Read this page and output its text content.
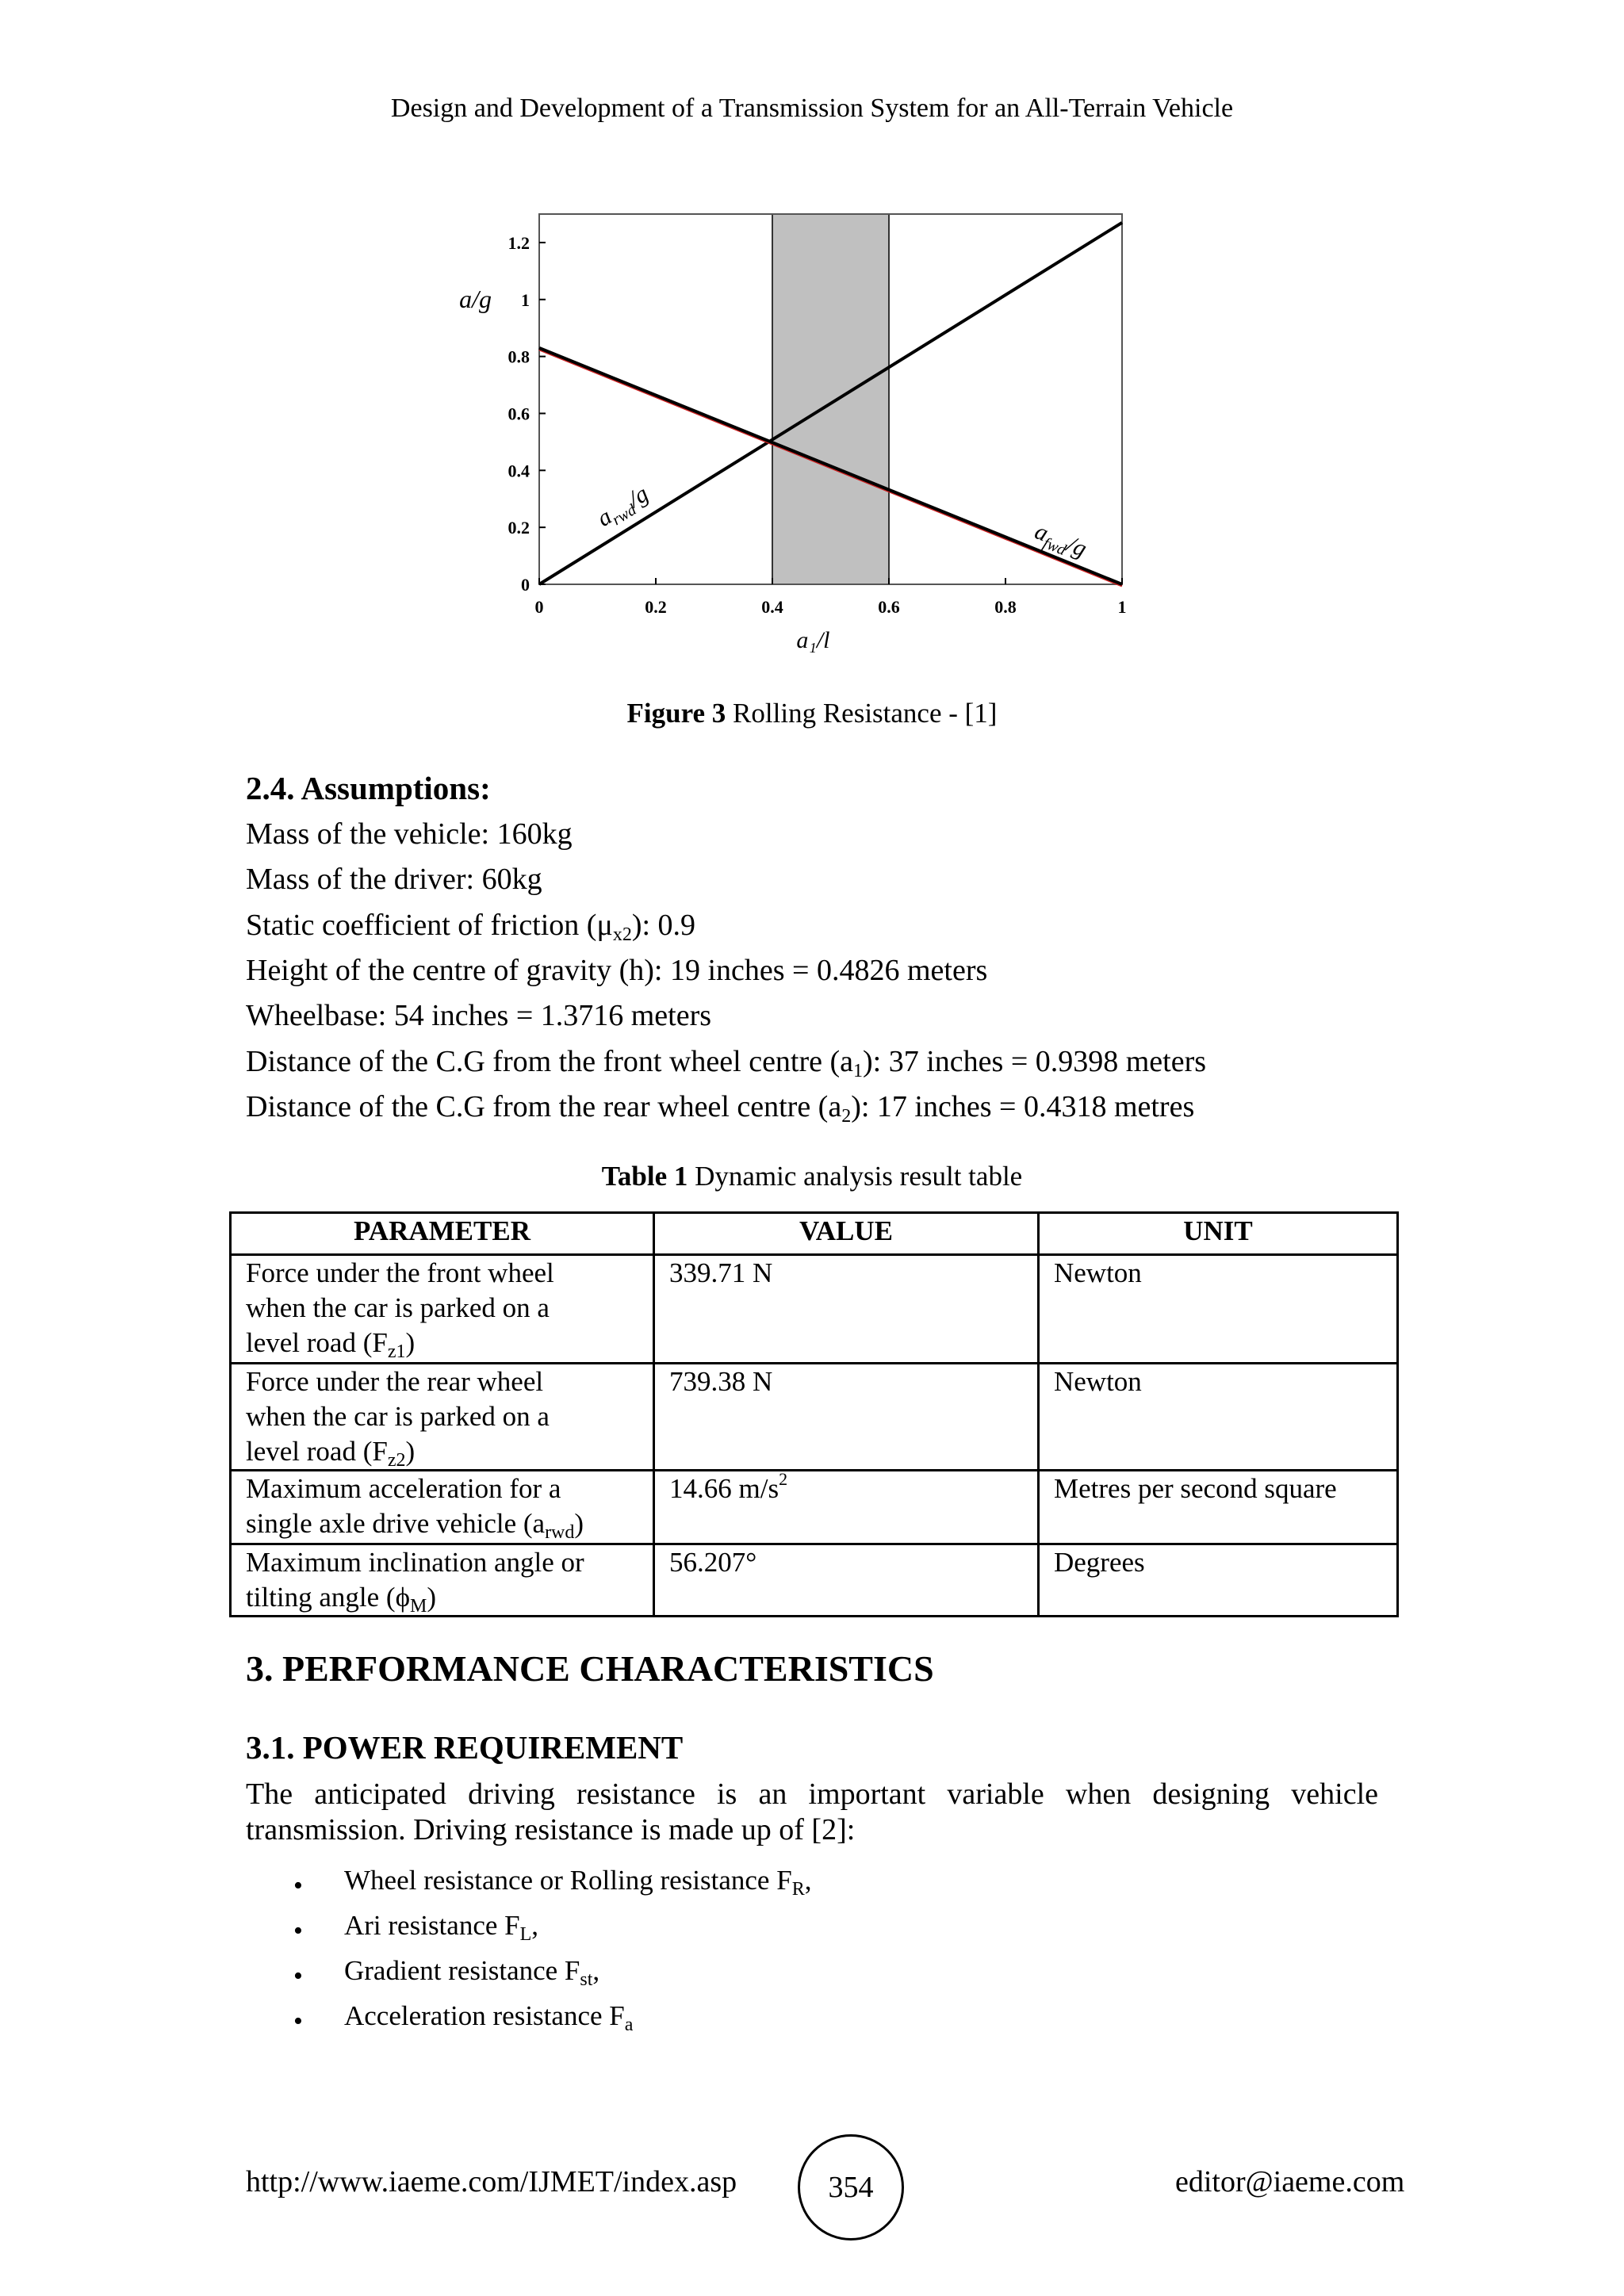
Design and Development of a Transmission System for an All-Terrain Vehicle
0	0.2	0.4	0.6	0.8	1
0
0.2
0.4
0.6
0.8
1
1.2
$a_{rwd}/g$
$a_{fwd}/g$
a₁/l
a/g
Figure 3 Rolling Resistance - [1]
2.4. Assumptions:
Mass of the vehicle: 160kg
Mass of the driver: 60kg
Static coefficient of friction $(\mu_{x2})$: 0.9
Height of the centre of gravity (h): 19 inches = 0.4826 meters
Wheelbase: 54 inches = 1.3716 meters
Distance of the C.G from the front wheel centre $(a_1)$: 37 inches = 0.9398 meters
Distance of the C.G from the rear wheel centre $(a_2)$: 17 inches = 0.4318 metres
Table 1 Dynamic analysis result table
PARAMETER	VALUE	UNIT
Force under the front wheel
when the car is parked on a
level road $(F_{z1})$	339.71 N	Newton
Force under the rear wheel
when the car is parked on a
level road $(F_{z2})$	739.38 N	Newton
Maximum acceleration for a
single axle drive vehicle $(a_{rwd})$	14.66 $m/s^2$	Metres per second square
Maximum inclination angle or
tilting angle $(\phi_M)$	56.207°	Degrees
3. PERFORMANCE CHARACTERISTICS
3.1. POWER REQUIREMENT
The anticipated driving resistance is an important variable when designing vehicle transmission. Driving resistance is made up of [2]:
• Wheel resistance or Rolling resistance $F_R$,
• Ari resistance $F_L$,
• Gradient resistance $F_{st}$,
• Acceleration resistance $F_a$
http://www.iaeme.com/IJMET/index.asp	354	editor@iaeme.com
